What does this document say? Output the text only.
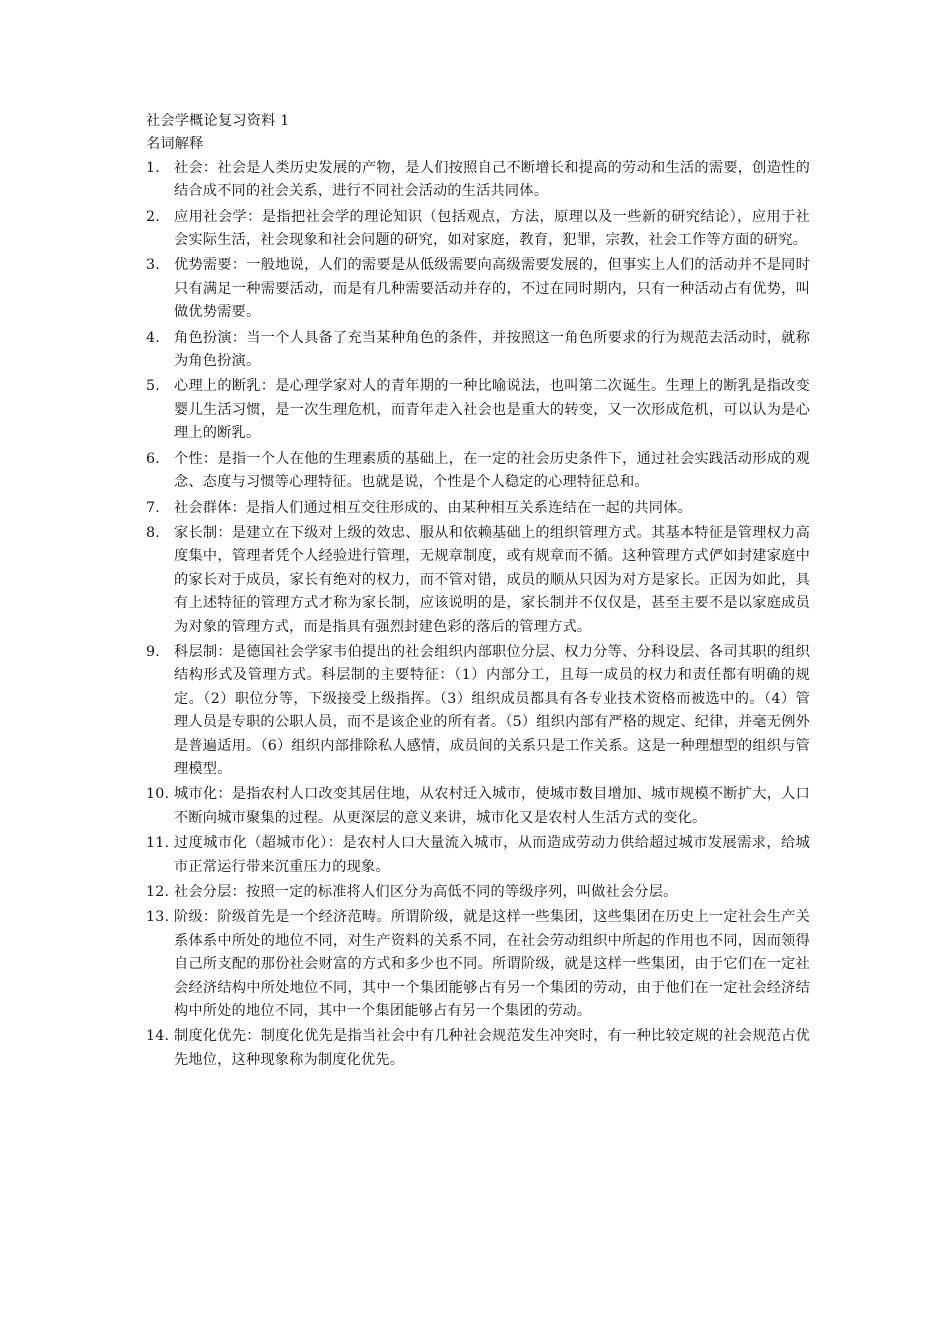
社会学概论复习资料 1
名词解释
1. 社会：社会是人类历史发展的产物，是人们按照自己不断增长和提高的劳动和生活的需要，创造性的结合成不同的社会关系，进行不同社会活动的生活共同体。
2. 应用社会学：是指把社会学的理论知识（包括观点，方法，原理以及一些新的研究结论），应用于社会实际生活，社会现象和社会问题的研究，如对家庭，教育，犯罪，宗教，社会工作等方面的研究。
3. 优势需要：一般地说，人们的需要是从低级需要向高级需要发展的，但事实上人们的活动并不是同时只有满足一种需要活动，而是有几种需要活动并存的，不过在同时期内，只有一种活动占有优势，叫做优势需要。
4. 角色扮演：当一个人具备了充当某种角色的条件，并按照这一角色所要求的行为规范去活动时，就称为角色扮演。
5. 心理上的断乳：是心理学家对人的青年期的一种比喻说法，也叫第二次诞生。生理上的断乳是指改变婴儿生活习惯，是一次生理危机，而青年走入社会也是重大的转变，又一次形成危机，可以认为是心理上的断乳。
6. 个性：是指一个人在他的生理素质的基础上，在一定的社会历史条件下，通过社会实践活动形成的观念、态度与习惯等心理特征。也就是说，个性是个人稳定的心理特征总和。
7. 社会群体：是指人们通过相互交往形成的、由某种相互关系连结在一起的共同体。
8. 家长制：是建立在下级对上级的效忠、服从和依赖基础上的组织管理方式。其基本特征是管理权力高度集中，管理者凭个人经验进行管理，无规章制度，或有规章而不循。这种管理方式俨如封建家庭中的家长对于成员，家长有绝对的权力，而不管对错，成员的顺从只因为对方是家长。正因为如此，具有上述特征的管理方式才称为家长制，应该说明的是，家长制并不仅仅是，甚至主要不是以家庭成员为对象的管理方式，而是指具有强烈封建色彩的落后的管理方式。
9. 科层制：是德国社会学家韦伯提出的社会组织内部职位分层、权力分等、分科设层、各司其职的组织结构形式及管理方式。科层制的主要特征：（1）内部分工，且每一成员的权力和责任都有明确的规定。（2）职位分等，下级接受上级指挥。（3）组织成员都具有各专业技术资格而被选中的。（4）管理人员是专职的公职人员，而不是该企业的所有者。（5）组织内部有严格的规定、纪律，并毫无例外是普遍适用。（6）组织内部排除私人感情，成员间的关系只是工作关系。这是一种理想型的组织与管理模型。
10. 城市化：是指农村人口改变其居住地，从农村迁入城市，使城市数目增加、城市规模不断扩大，人口不断向城市聚集的过程。从更深层的意义来讲，城市化又是农村人生活方式的变化。
11. 过度城市化（超城市化）：是农村人口大量流入城市，从而造成劳动力供给超过城市发展需求，给城市正常运行带来沉重压力的现象。
12. 社会分层：按照一定的标准将人们区分为高低不同的等级序列，叫做社会分层。
13. 阶级：阶级首先是一个经济范畴。所谓阶级，就是这样一些集团，这些集团在历史上一定社会生产关系体系中所处的地位不同，对生产资料的关系不同，在社会劳动组织中所起的作用也不同，因而领得自己所支配的那份社会财富的方式和多少也不同。所谓阶级，就是这样一些集团，由于它们在一定社会经济结构中所处地位不同，其中一个集团能够占有另一个集团的劳动，由于他们在一定社会经济结构中所处的地位不同，其中一个集团能够占有另一个集团的劳动。
14. 制度化优先：制度化优先是指当社会中有几种社会规范发生冲突时，有一种比较定规的社会规范占优先地位，这种现象称为制度化优先。
